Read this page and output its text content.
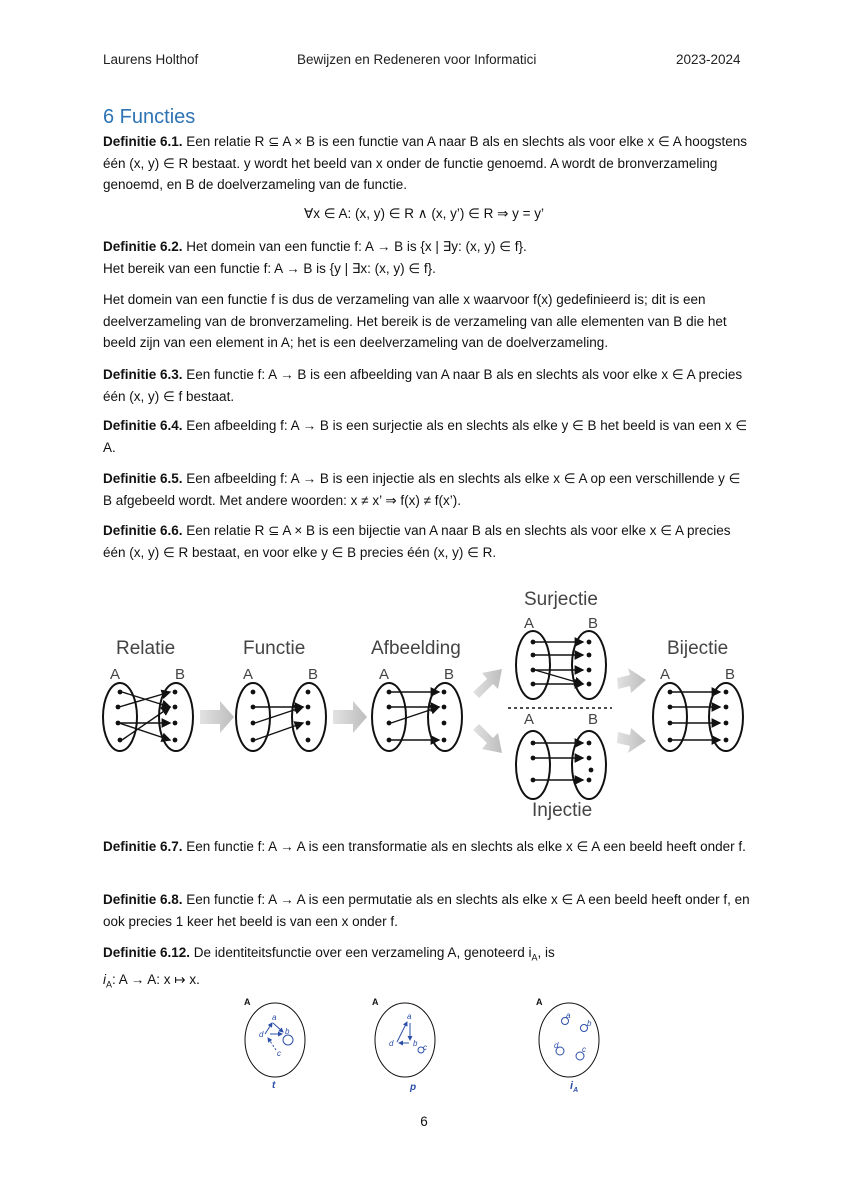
Laurens Holthof	Bewijzen en Redeneren voor Informatici	2023-2024
6 Functies
Definitie 6.1. Een relatie R ⊆ A × B is een functie van A naar B als en slechts als voor elke x ∈ A hoogstens één (x, y) ∈ R bestaat. y wordt het beeld van x onder de functie genoemd. A wordt de bronverzameling genoemd, en B de doelverzameling van de functie.
∀x ∈ A: (x, y) ∈ R ∧ (x, y’) ∈ R ⇒ y = y’
Definitie 6.2. Het domein van een functie f: A → B is {x | ∃y: (x, y) ∈ f}.
Het bereik van een functie f: A → B is {y | ∃x: (x, y) ∈ f}.
Het domein van een functie f is dus de verzameling van alle x waarvoor f(x) gedefinieerd is; dit is een deelverzameling van de bronverzameling. Het bereik is de verzameling van alle elementen van B die het beeld zijn van een element in A; het is een deelverzameling van de doelverzameling.
Definitie 6.3. Een functie f: A → B is een afbeelding van A naar B als en slechts als voor elke x ∈ A precies één (x, y) ∈ f bestaat.
Definitie 6.4. Een afbeelding f: A → B is een surjectie als en slechts als elke y ∈ B het beeld is van een x ∈ A.
Definitie 6.5. Een afbeelding f: A → B is een injectie als en slechts als elke x ∈ A op een verschillende y ∈ B afgebeeld wordt. Met andere woorden: x ≠ x’ ⇒ f(x) ≠ f(x’).
Definitie 6.6. Een relatie R ⊆ A × B is een bijectie van A naar B als en slechts als voor elke x ∈ A precies één (x, y) ∈ R bestaat, en voor elke y ∈ B precies één (x, y) ∈ R.
Relatie	Functie	Afbeelding
Surjectie
Injectie
Bijectie
A	B	A	B	A	B
A	B
A	B
A	B
Definitie 6.7. Een functie f: A → A is een transformatie als en slechts als elke x ∈ A een beeld heeft onder f.
Definitie 6.8. Een functie f: A → A is een permutatie als en slechts als elke x ∈ A een beeld heeft onder f, en ook precies 1 keer het beeld is van een x onder f.
Definitie 6.12. De identiteitsfunctie over een verzameling A, genoteerd $i_A$, is
$i_A$: A → A: x ↦ x.
A	A	A
a
b
c
d
a
b c
d
a
b
c
d
t	p	$i_A$
6
